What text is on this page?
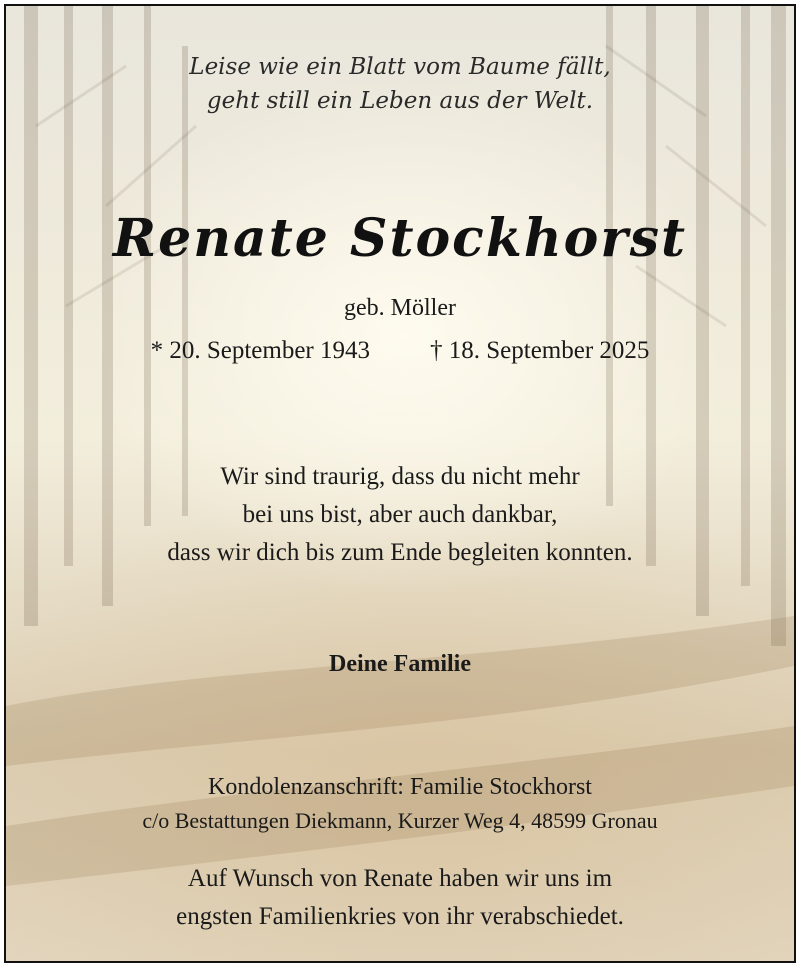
Leise wie ein Blatt vom Baume fällt,
geht still ein Leben aus der Welt.
Renate Stockhorst
geb. Möller
* 20. September 1943 † 18. September 2025
Wir sind traurig, dass du nicht mehr
bei uns bist, aber auch dankbar,
dass wir dich bis zum Ende begleiten konnten.
Deine Familie
Kondolenzanschrift: Familie Stockhorst
c/o Bestattungen Diekmann, Kurzer Weg 4, 48599 Gronau
Auf Wunsch von Renate haben wir uns im
engsten Familienkries von ihr verabschiedet.
